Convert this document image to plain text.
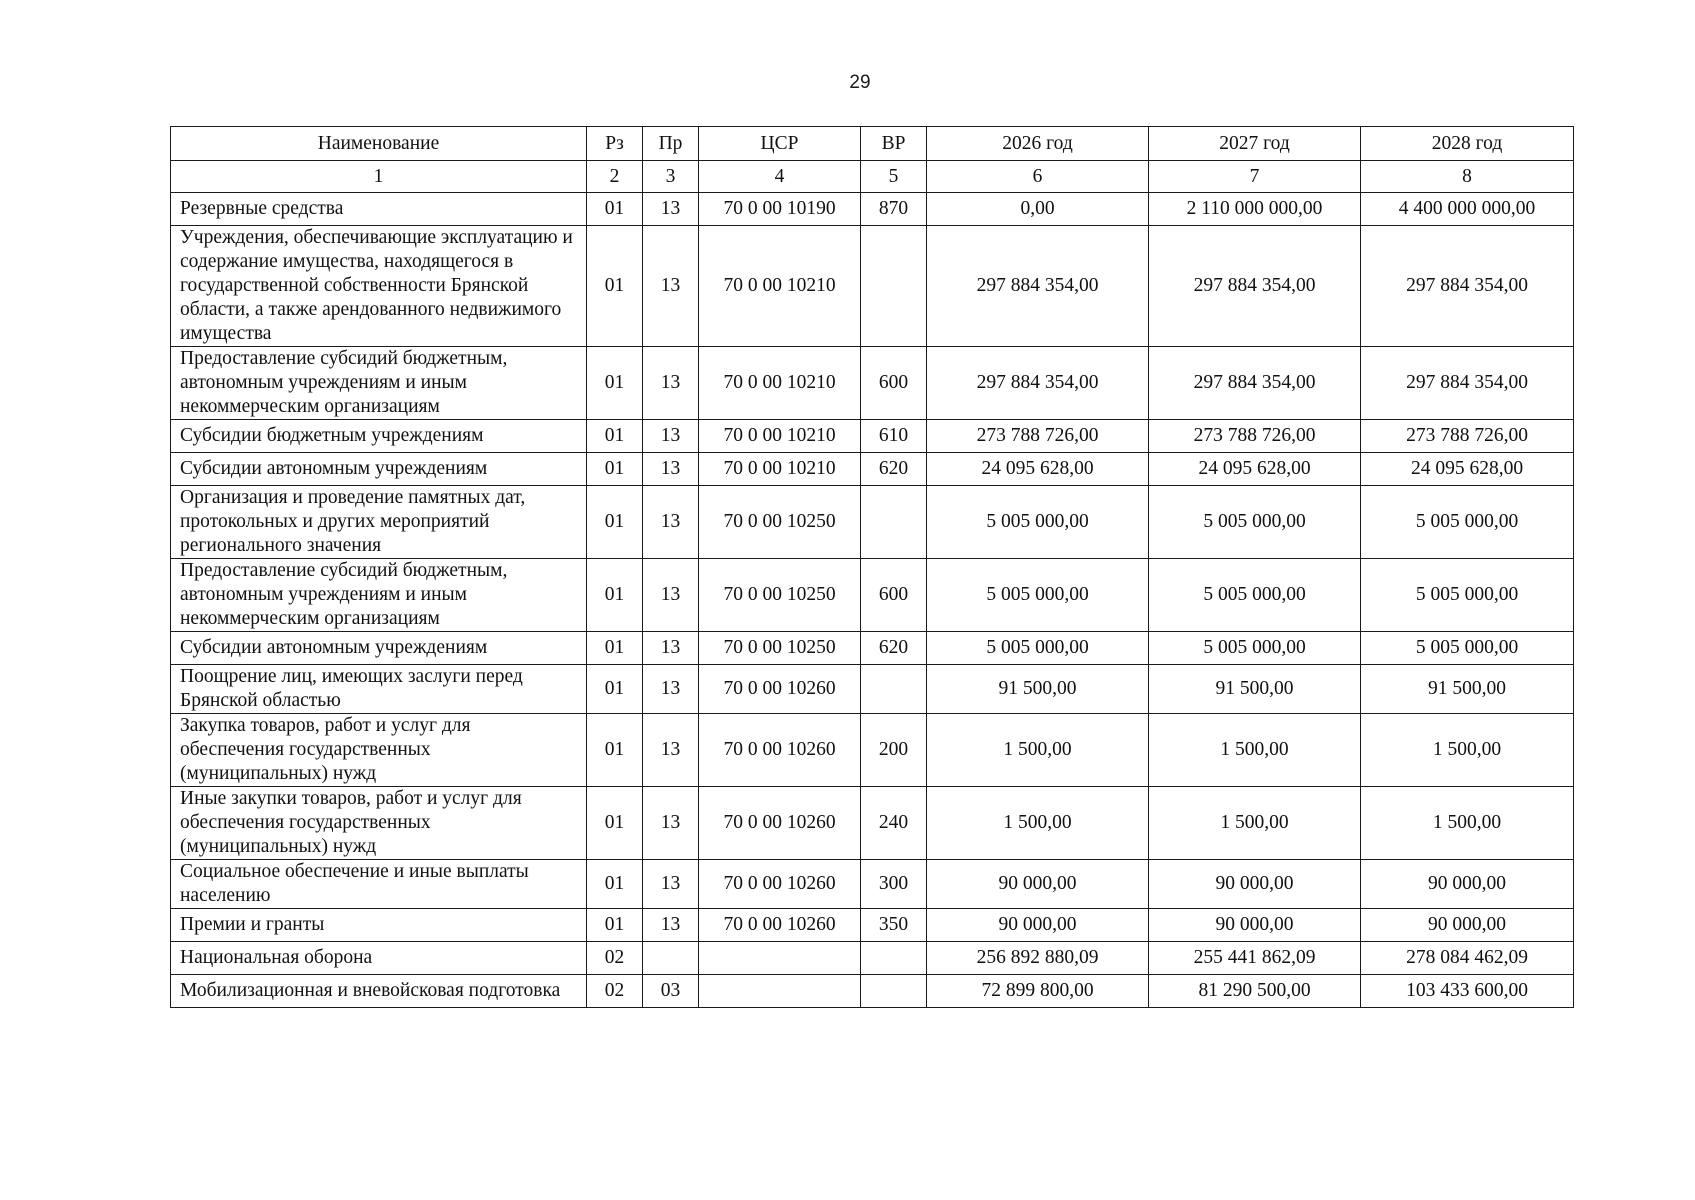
29
Наименование	Рз	Пр	ЦСР	ВР	2026 год	2027 год	2028 год
1	2	3	4	5	6	7	8
Резервные средства	01	13	70 0 00 10190	870	0,00	2 110 000 000,00	4 400 000 000,00
Учреждения, обеспечивающие эксплуатацию и содержание имущества, находящегося в государственной собственности Брянской области, а также арендованного недвижимого имущества	01	13	70 0 00 10210		297 884 354,00	297 884 354,00	297 884 354,00
Предоставление субсидий бюджетным, автономным учреждениям и иным некоммерческим организациям	01	13	70 0 00 10210	600	297 884 354,00	297 884 354,00	297 884 354,00
Субсидии бюджетным учреждениям	01	13	70 0 00 10210	610	273 788 726,00	273 788 726,00	273 788 726,00
Субсидии автономным учреждениям	01	13	70 0 00 10210	620	24 095 628,00	24 095 628,00	24 095 628,00
Организация и проведение памятных дат, протокольных и других мероприятий регионального значения	01	13	70 0 00 10250		5 005 000,00	5 005 000,00	5 005 000,00
Предоставление субсидий бюджетным, автономным учреждениям и иным некоммерческим организациям	01	13	70 0 00 10250	600	5 005 000,00	5 005 000,00	5 005 000,00
Субсидии автономным учреждениям	01	13	70 0 00 10250	620	5 005 000,00	5 005 000,00	5 005 000,00
Поощрение лиц, имеющих заслуги перед Брянской областью	01	13	70 0 00 10260		91 500,00	91 500,00	91 500,00
Закупка товаров, работ и услуг для обеспечения государственных (муниципальных) нужд	01	13	70 0 00 10260	200	1 500,00	1 500,00	1 500,00
Иные закупки товаров, работ и услуг для обеспечения государственных (муниципальных) нужд	01	13	70 0 00 10260	240	1 500,00	1 500,00	1 500,00
Социальное обеспечение и иные выплаты населению	01	13	70 0 00 10260	300	90 000,00	90 000,00	90 000,00
Премии и гранты	01	13	70 0 00 10260	350	90 000,00	90 000,00	90 000,00
Национальная оборона	02				256 892 880,09	255 441 862,09	278 084 462,09
Мобилизационная и вневойсковая подготовка	02	03			72 899 800,00	81 290 500,00	103 433 600,00
